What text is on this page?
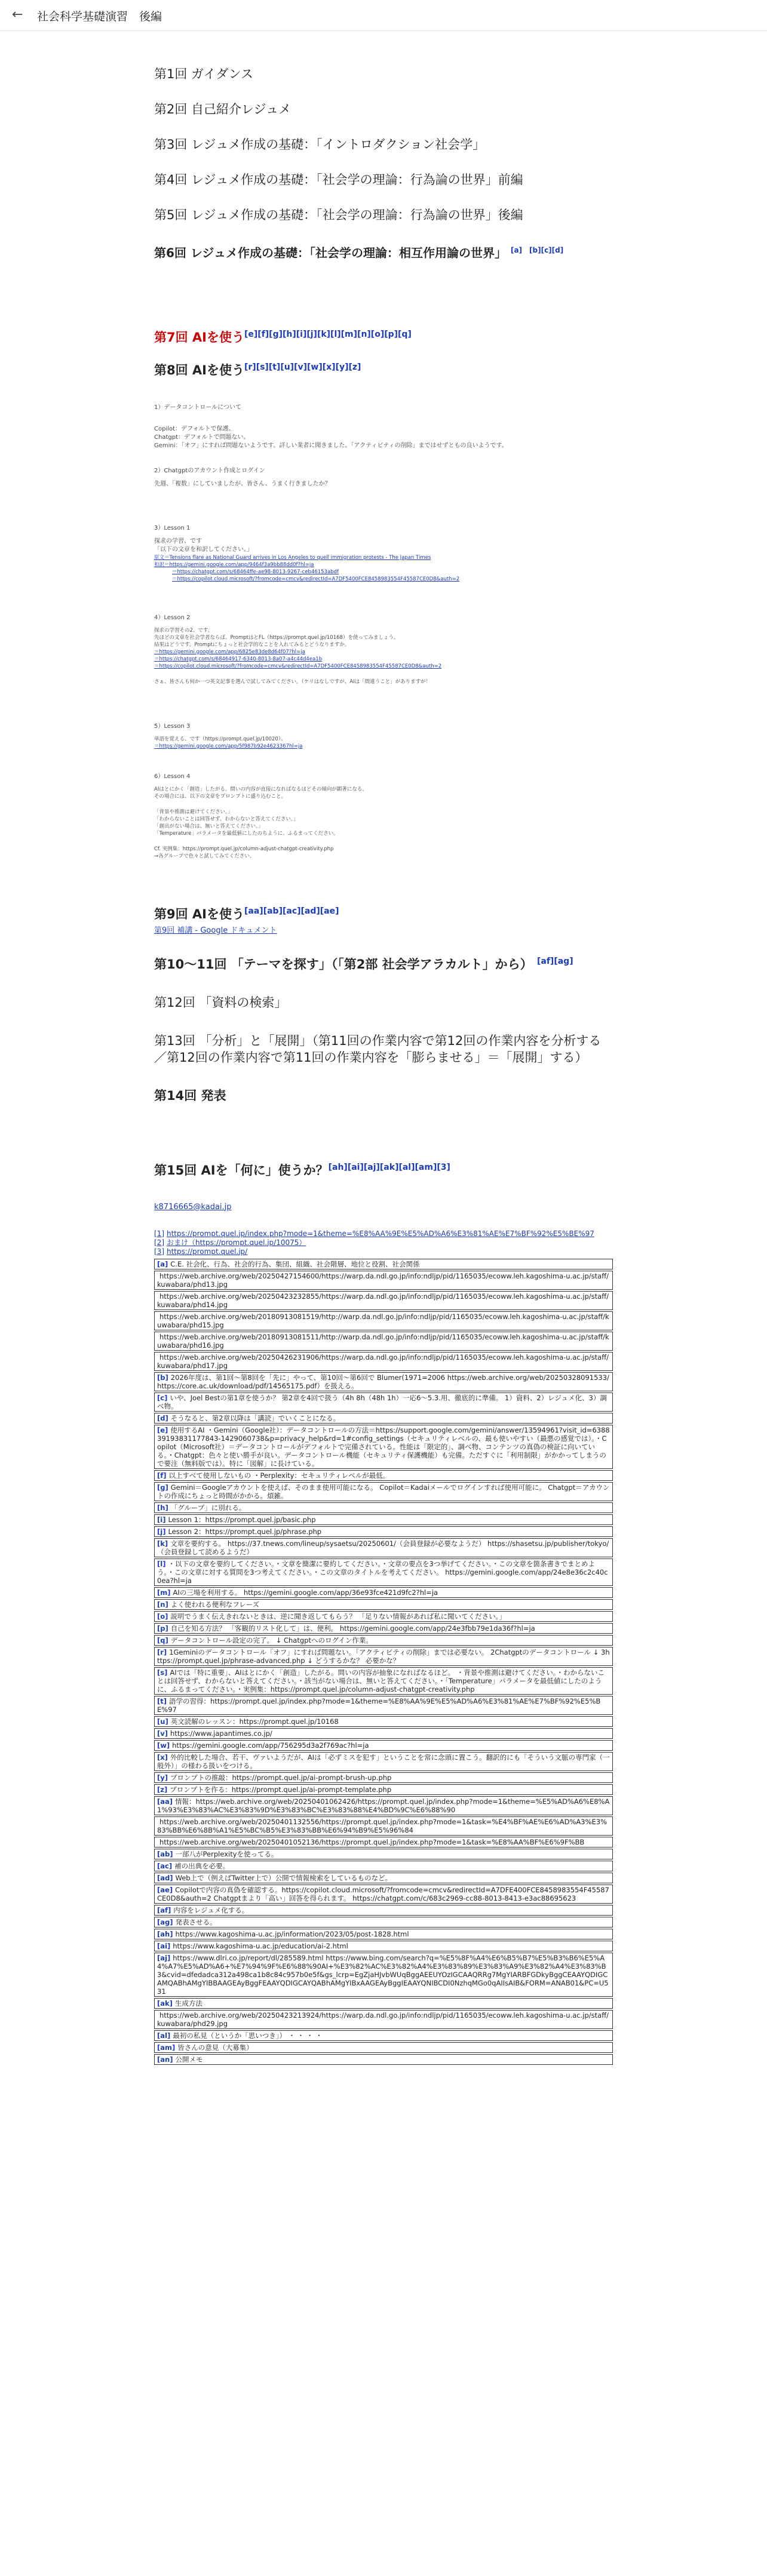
← 社会科学基礎演習　後編
第1回 ガイダンス
第2回 自己紹介レジュメ
第3回 レジュメ作成の基礎：「イントロダクション社会学」
第4回 レジュメ作成の基礎：「社会学の理論：行為論の世界」前編
第5回 レジュメ作成の基礎：「社会学の理論：行為論の世界」後編
第6回 レジュメ作成の基礎：「社会学の理論：相互作用論の世界」 [a]　[b][c][d]
第7回 AIを使う[e][f][g][h][i][j][k][l][m][n][o][p][q]
第8回 AIを使う[r][s][t][u][v][w][x][y][z]
1）データコントロールについて
Copilot：デフォルトで保護。
Chatgpt：デフォルトで問題ない。
Gemini：「オフ」にすれば問題ないようです。詳しい業者に聞きました。「アクティビティの削除」まではせずともの良いようです。
2）Chatgptのアカウント作成とログイン
先週、「複数」にしていましたが、皆さん、うまく行きましたか？
3）Lesson 1
探求の学習、です
「以下の文章を和訳してください。」
原文＝Tensions flare as National Guard arrives in Los Angeles to quell immigration protests - The Japan Times
和訳＝https://gemini.google.com/app/9464f3a9bb88dd0f?hl=ja
＝https://chatgpt.com/s/68464ffe-ae98-8013-9267-ceb46153abdf
＝https://copilot.cloud.microsoft/?fromcode=cmcv&redirectId=A7DF5400FCE8458983554F45587CE0D8&auth=2
4）Lesson 2
探求の学習その2、です。
先ほどの文章を社会学者ならば、PromptはとFL（https://prompt.quel.jp/10168）を使ってみましょう。
結果はどうです。Promptにちょっと社会学的なことを入れてみるとどうなりますか。
＝https://gemini.google.com/app/6825e83de8d64f07?hl=ja
＝https://chatgpt.com/s/68464917-6340-8013-8a07-a4c44d4ea1b
＝https://copilot.cloud.microsoft/?fromcode=cmcv&redirectId=A7DF5400FCE8458983554F45587CE0D8&auth=2
さぁ、皆さんも何か一つ英文記事を選んで試してみてください。（ケリはなしですが、AIは「間違うこと」がありますが！
5）Lesson 3
単語を覚える、です（https://prompt.quel.jp/10020）。
＝https://gemini.google.com/app/5f987b92e4623367hl=ja
6）Lesson 4
AIはとにかく「創造」したがる。問いの内容が直接になればなるほどその傾向が顕著になる。
その場合には、以下の文章をプロンプトに盛り込むこと。
「背景や推測は避けてください。」
「わからないことは回答せず、わからないと答えてください。」
「創出がない場合は、無いと答えてください。」
「Temperature」パラメータを最低値にしたのちように、ふるまってください。
Cf. 実例集：https://prompt.quel.jp/column-adjust-chatgpt-creativity.php
→各グループで色々と試してみてください。
第9回 AIを使う[aa][ab][ac][ad][ae]
第9回 補講 - Google ドキュメント
第10〜11回 「テーマを探す」（「第2部 社会学アラカルト」から） [af][ag]
第12回 「資料の検索」
第13回 「分析」と「展開」（第11回の作業内容で第12回の作業内容を分析する／第12回の作業内容で第11回の作業内容を「膨らませる」＝「展開」する）
第14回 発表
第15回 AIを「何に」使うか？[ah][ai][aj][ak][al][am][3]
k8716665@kadai.jp
[1] https://prompt.quel.jp/index.php?mode=1&theme=%E8%AA%9E%E5%AD%A6%E3%81%AE%E7%BF%92%E5%BE%97
[2] おまけ（https://prompt.quel.jp/10075）
[3] https://prompt.quel.jp/
[a] C.E. 社会化、行為、社会的行為、集団、組織、社会階層、地位と役割、社会関係
https://web.archive.org/web/20250427154600/https://warp.da.ndl.go.jp/info:ndljp/pid/1165035/ecoww.leh.kagoshima-u.ac.jp/staff/kuwabara/phd13.jpg
https://web.archive.org/web/20250423232855/https://warp.da.ndl.go.jp/info:ndljp/pid/1165035/ecoww.leh.kagoshima-u.ac.jp/staff/kuwabara/phd14.jpg
https://web.archive.org/web/20180913081519/http://warp.da.ndl.go.jp/info:ndljp/pid/1165035/ecoww.leh.kagoshima-u.ac.jp/staff/kuwabara/phd15.jpg
https://web.archive.org/web/20180913081511/http://warp.da.ndl.go.jp/info:ndljp/pid/1165035/ecoww.leh.kagoshima-u.ac.jp/staff/kuwabara/phd16.jpg
https://web.archive.org/web/20250426231906/https://warp.da.ndl.go.jp/info:ndljp/pid/1165035/ecoww.leh.kagoshima-u.ac.jp/staff/kuwabara/phd17.jpg
[b] 2026年度は、第1回〜第8回を「先に」やって、第10回〜第6回で Blumer(1971=2006 https://web.archive.org/web/20250328091533/https://core.ac.uk/download/pdf/14565175.pdf）を扱える。
[c] いや、Joel Bestの第1章を使うか？ 第2章を4回で扱う（4h 8h（48h 1h）一応6〜5.3.用、徹底的に準備。 1）資料、2）レジュメ化、3）調べ物。
[d] そうなると、第2章以降は「講読」でいくことになる。
[e] 使用するAI ・Gemini（Google社）：データコントロールの方法＝https://support.google.com/gemini/answer/13594961?visit_id=6388391938311778​43-1429060738&p=privacy_help&rd=1#config_settings（セキュリティレベルの、最も使いやすい（最悪の感覚では）。・Copilot（Microsoft社）＝データコントロールがデフォルトで完備されている。性能は「限定的」、調べ物、コンテンツの真偽の検証に向いている。・Chatgpt：色々と使い勝手が良い。データコントロール機能（セキュリティ保護機能）も完備。ただすぐに「利用制限」がかかってしまうので要注（無料版では）。特に「図解」に長けている。
[f] 以上すべて使用しないもの ・Perplexity：セキュリティレベルが最低。
[g] Gemini＝Googleアカウントを使えば、そのまま使用可能になる。 Copilot＝Kadaiメールでログインすれば使用可能に。 Chatgpt＝アカウントの作成にちょっと時間がかかる。煩雑。
[h] 「グループ」に別れる。
[i] Lesson 1：https://prompt.quel.jp/basic.php
[j] Lesson 2：https://prompt.quel.jp/phrase.php
[k] 文章を要約する。 https://37.tnews.com/lineup/sysaetsu/20250601/（会員登録が必要なようだ） https://shasetsu.jp/publisher/tokyo/（会員登録して読めるようだ）
[l] ・以下の文章を要約してください。・文章を簡潔に要約してください。・文章の要点を3つ挙げてください。・この文章を箇条書きでまとめよう。・この文章に対する質問を3つ考えてください。・この文章のタイトルを考えてください。 https://gemini.google.com/app/24e8e36c2c40c0ea?hl=ja
[m] AIの三場を利用する。 https://gemini.google.com/app/36e93fce421d9fc2?hl=ja
[n] よく使われる便利なフレーズ
[o] 説明でうまく伝えきれないときは、逆に聞き返してもらう？ 「足りない情報があれば私に聞いてください。」
[p] 自己を知る方法？ 「客観的リスト化して」は、便利。 https://gemini.google.com/app/24e3fbb79e1da36f?hl=ja
[q] データコントロール設定の完了。 ↓ Chatgptへのログイン作業。
[r] 1Geminiのデータコントロール「オフ」にすれば問題ない。「アクティビティの削除」までは必要ない。 2Chatgptのデータコントロール ↓ 3https://prompt.quel.jp/phrase-advanced.php ↓ どうするかな？ 必要かな？
[s] AIでは「特に重要」、AIはとにかく「創造」したがる。問いの内容が抽象になればなるほど。 ・背景や推測は避けてください。・わからないことは回答せず、わからないと答えてください。・該当がない場合は、無いと答えてください。・「Temperature」パラメータを最低値にしたのように、ふるまってください。・実例集：https://prompt.quel.jp/column-adjust-chatgpt-creativity.php
[t] 語学の習得：https://prompt.quel.jp/index.php?mode=1&theme=%E8%AA%9E%E5%AD%A6%E3%81%AE%E7%BF%92%E5%BE%97
[u] 英文読解のレッスン：https://prompt.quel.jp/10168
[v] https://www.japantimes.co.jp/
[w] https://gemini.google.com/app/756295d3a2f769ac?hl=ja
[x] 外的比較した場合、若干、ヴァいようだが、AIは「必ずミスを犯す」ということを常に念頭に置こう。翻訳的にも「そういう文脈の専門家（一般外）」の様わる扱いをつける。
[y] プロンプトの推敲：https://prompt.quel.jp/ai-prompt-brush-up.php
[z] プロンプトを作る：https://prompt.quel.jp/ai-prompt-template.php
[aa] 情報：https://web.archive.org/web/20250401062426/https://prompt.quel.jp/index.php?mode=1&theme=%E5%AD%A6%E8%A1%93%E3%83%AC%E3%83%9D%E3%83%BC%E3%83%88%E4%BD%9C%E6%88%90
https://web.archive.org/web/20250401132556/https://prompt.quel.jp/index.php?mode=1&task=%E4%BF%AE%E6%AD%A3%E3%83%BB%E6%8B%A1%E5%BC%B5%E3%83%BB%E6%94%B9%E5%96%84
https://web.archive.org/web/20250401052136/https://prompt.quel.jp/index.php?mode=1&task=%E8%AA%BF%E6%9F%BB
[ab] 一部八がPerplexityを使ってる。
[ac] 補の出典を必要。
[ad] Web上で（例えばTwitter上で）公開で情報検索をしているものなど。
[ae] Copilotで内容の真偽を確認する。https://copilot.cloud.microsoft/?fromcode=cmcv&redirectId=A7DFE400FCE8458983554F45587CE0D8&auth=2 Chatgptまより「高い」回答を得られます。 https://chatgpt.com/c/683c2969-cc88-8013-8413-e3ac88695623
[af] 内容をレジュメ化する。
[ag] 発表させる。
[ah] https://www.kagoshima-u.ac.jp/information/2023/05/post-1828.html
[ai] https://www.kagoshima-u.ac.jp/education/ai-2.html
[aj] https://www.dlri.co.jp/report/dl/285589.html https://www.bing.com/search?q=%E5%8F%A4%E6%B5%B7%E5%B3%B6%E5%A4%A7%E5%AD%A6+%E7%94%9F%E6%88%90AI+%E3%82%AC%E3%82%A4%E3%83%89%E3%83%A9%E3%82%A4%E3%83%B3&cvid=dfedadca312a498ca1b8c84c957b0e5f&gs_lcrp=EgZjaHJvbWUqBggAEEUYOzIGCAAQRRg7MgYIARBFGDkyBggCEAAYQDIGCAMQABhAMgYIBBAAGEAyBggFEAAYQDIGCAYQABhAMgYIBxAAGEAyBggIEAAYQNIBCDI0NzhqMGo0qAIIsAIB&FORM=ANAB01&PC=U531
[ak] 生成方法
https://web.archive.org/web/20250423213924/https://warp.da.ndl.go.jp/info:ndljp/pid/1165035/ecoww.leh.kagoshima-u.ac.jp/staff/kuwabara/phd29.jpg
[al] 最初の私見（というか「思いつき」） ・ ・ ・ ・
[am] 皆さんの意見（大募集）
[an] 公開メモ
